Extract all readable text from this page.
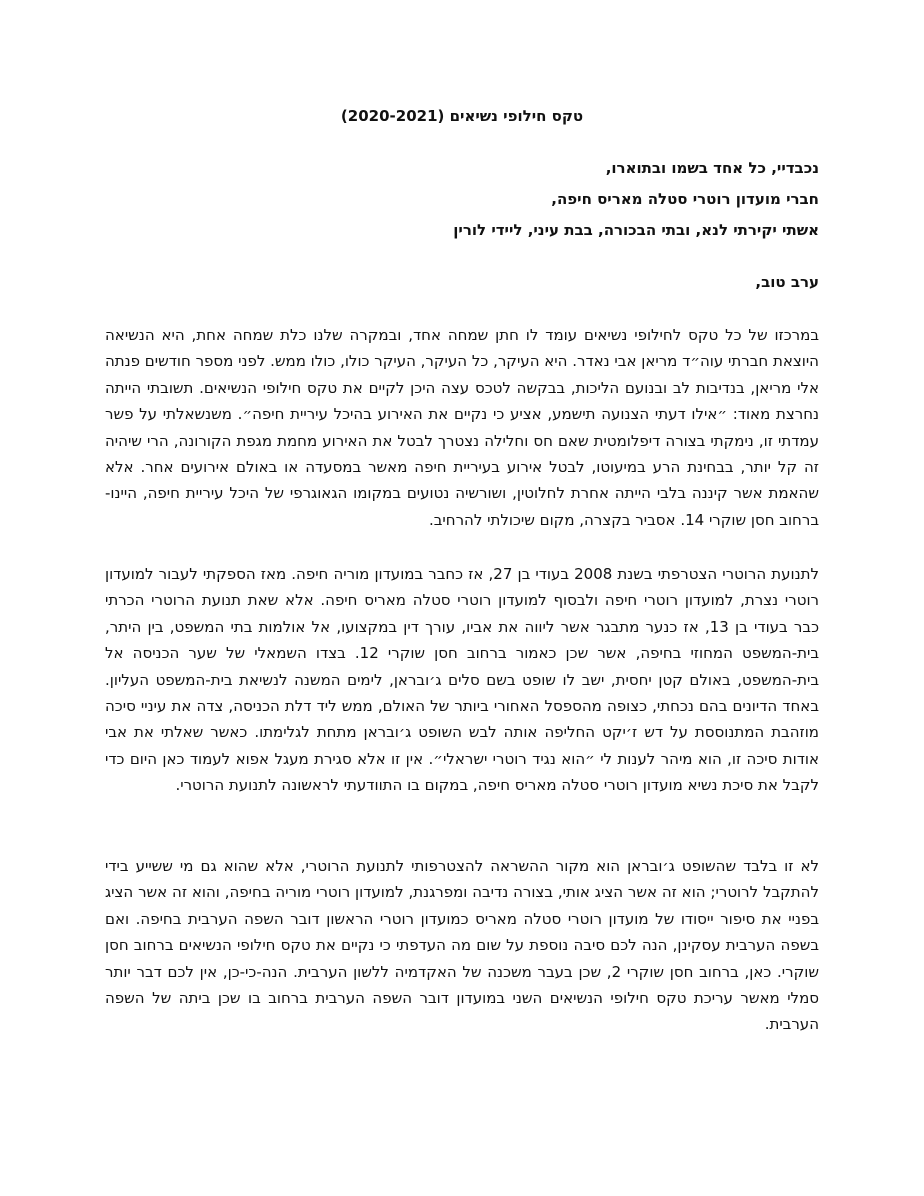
טקס חילופי נשיאים (2020-2021)
נכבדיי, כל אחד בשמו ובתוארו,
חברי מועדון רוטרי סטלה מאריס חיפה,
אשתי יקירתי לנא, ובתי הבכורה, בבת עיני, ליידי לורין
ערב טוב,
במרכזו של כל טקס לחילופי נשיאים עומד לו חתן שמחה אחד, ובמקרה שלנו כלת שמחה אחת, היא הנשיאה היוצאת חברתי עוה״ד מריאן אבי נאדר. היא העיקר, כל העיקר, העיקר כולו, כולו ממש. לפני מספר חודשים פנתה אלי מריאן, בנדיבות לב ובנועם הליכות, בבקשה לטכס עצה היכן לקיים את טקס חילופי הנשיאים. תשובתי הייתה נחרצת מאוד: ״אילו דעתי הצנועה תישמע, אציע כי נקיים את האירוע בהיכל עיריית חיפה״. משנשאלתי על פשר עמדתי זו, נימקתי בצורה דיפלומטית שאם חס וחלילה נצטרך לבטל את האירוע מחמת מגפת הקורונה, הרי שיהיה זה קל יותר, בבחינת הרע במיעוטו, לבטל אירוע בעיריית חיפה מאשר במסעדה או באולם אירועים אחר. אלא שהאמת אשר קיננה בלבי הייתה אחרת לחלוטין, ושורשיה נטועים במקומו הגאוגרפי של היכל עיריית חיפה, היינו- ברחוב חסן שוקרי 14. אסביר בקצרה, מקום שיכולתי להרחיב.
לתנועת הרוטרי הצטרפתי בשנת 2008 בעודי בן 27, אז כחבר במועדון מוריה חיפה. מאז הספקתי לעבור למועדון רוטרי נצרת, למועדון רוטרי חיפה ולבסוף למועדון רוטרי סטלה מאריס חיפה. אלא שאת תנועת הרוטרי הכרתי כבר בעודי בן 13, אז כנער מתבגר אשר ליווה את אביו, עורך דין במקצועו, אל אולמות בתי המשפט, בין היתר, בית-המשפט המחוזי בחיפה, אשר שכן כאמור ברחוב חסן שוקרי 12. בצדו השמאלי של שער הכניסה אל בית-המשפט, באולם קטן יחסית, ישב לו שופט בשם סלים ג׳ובראן, לימים המשנה לנשיאת בית-המשפט העליון. באחד הדיונים בהם נכחתי, כצופה מהספסל האחורי ביותר של האולם, ממש ליד דלת הכניסה, צדה את עיניי סיכה מוזהבת המתנוססת על דש ז׳יקט החליפה אותה לבש השופט ג׳ובראן מתחת לגלימתו. כאשר שאלתי את אבי אודות סיכה זו, הוא מיהר לענות לי ״הוא נגיד רוטרי ישראלי״. אין זו אלא סגירת מעגל אפוא לעמוד כאן היום כדי לקבל את סיכת נשיא מועדון רוטרי סטלה מאריס חיפה, במקום בו התוודעתי לראשונה לתנועת הרוטרי.
לא זו בלבד שהשופט ג׳ובראן הוא מקור ההשראה להצטרפותי לתנועת הרוטרי, אלא שהוא גם מי ששייע בידי להתקבל לרוטרי; הוא זה אשר הציג אותי, בצורה נדיבה ומפרגנת, למועדון רוטרי מוריה בחיפה, והוא זה אשר הציג בפניי את סיפור ייסודו של מועדון רוטרי סטלה מאריס כמועדון רוטרי הראשון דובר השפה הערבית בחיפה. ואם בשפה הערבית עסקינן, הנה לכם סיבה נוספת על שום מה העדפתי כי נקיים את טקס חילופי הנשיאים ברחוב חסן שוקרי. כאן, ברחוב חסן שוקרי 2, שכן בעבר משכנה של האקדמיה ללשון הערבית. הנה-כי-כן, אין לכם דבר יותר סמלי מאשר עריכת טקס חילופי הנשיאים השני במועדון דובר השפה הערבית ברחוב בו שכן ביתה של השפה הערבית.
